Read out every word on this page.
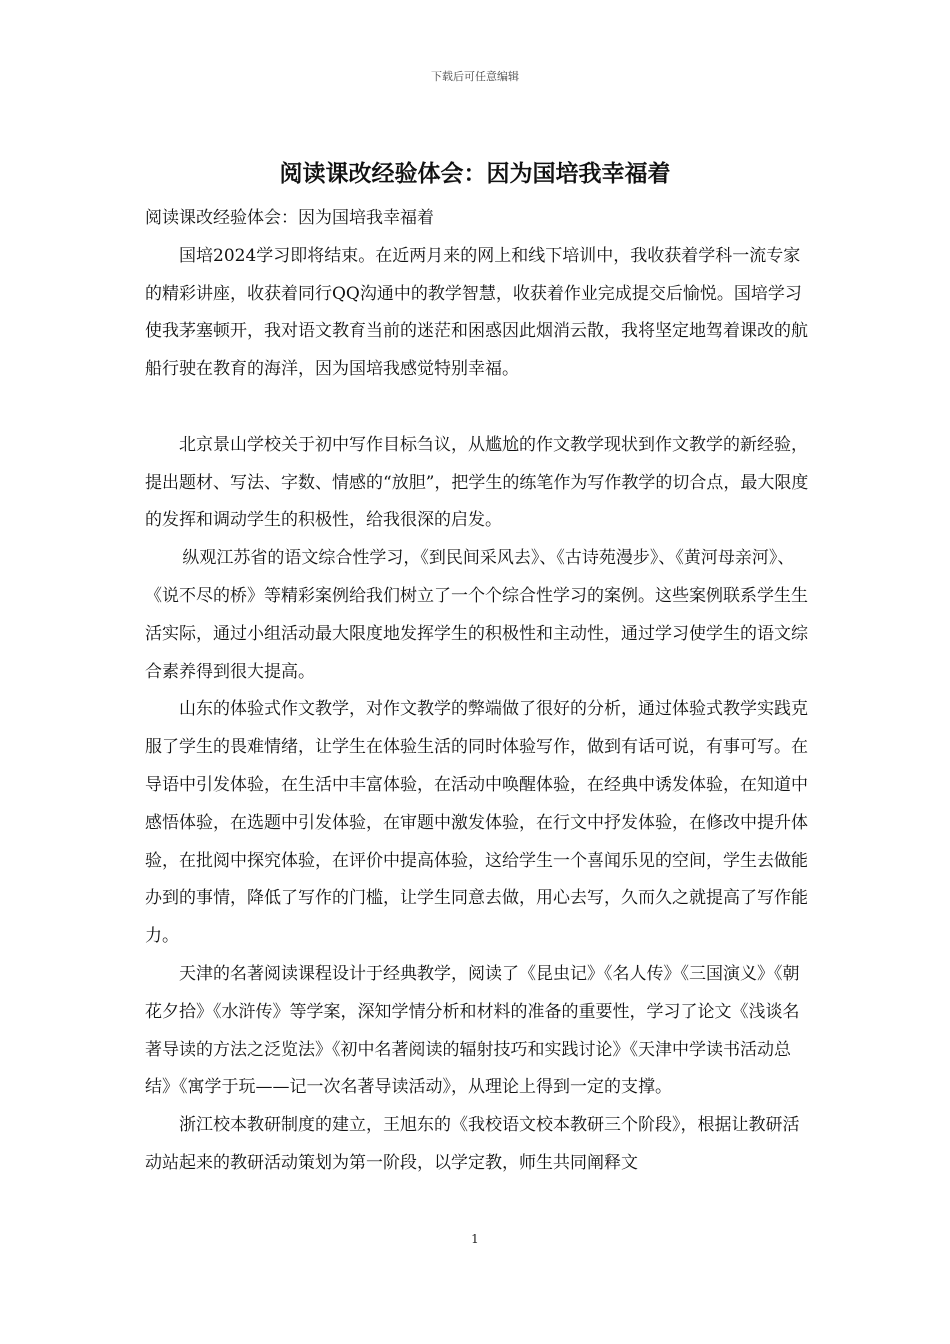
下载后可任意编辑
阅读课改经验体会：因为国培我幸福着

阅读课改经验体会：因为国培我幸福着

国培2024学习即将结束。在近两月来的网上和线下培训中，我收获着学科一流专家的精彩讲座，收获着同行QQ沟通中的教学智慧，收获着作业完成提交后愉悦。国培学习使我茅塞顿开，我对语文教育当前的迷茫和困惑因此烟消云散，我将坚定地驾着课改的航船行驶在教育的海洋，因为国培我感觉特别幸福。

北京景山学校关于初中写作目标刍议，从尴尬的作文教学现状到作文教学的新经验，提出题材、写法、字数、情感的“放胆”，把学生的练笔作为写作教学的切合点，最大限度的发挥和调动学生的积极性，给我很深的启发。

纵观江苏省的语文综合性学习，《到民间采风去》、《古诗苑漫步》、《黄河母亲河》、《说不尽的桥》等精彩案例给我们树立了一个个综合性学习的案例。这些案例联系学生生活实际，通过小组活动最大限度地发挥学生的积极性和主动性，通过学习使学生的语文综合素养得到很大提高。

山东的体验式作文教学，对作文教学的弊端做了很好的分析，通过体验式教学实践克服了学生的畏难情绪，让学生在体验生活的同时体验写作，做到有话可说，有事可写。在导语中引发体验，在生活中丰富体验，在活动中唤醒体验，在经典中诱发体验，在知道中感悟体验，在选题中引发体验，在审题中激发体验，在行文中抒发体验，在修改中提升体验，在批阅中探究体验，在评价中提高体验，这给学生一个喜闻乐见的空间，学生去做能办到的事情，降低了写作的门槛，让学生同意去做，用心去写，久而久之就提高了写作能力。

天津的名著阅读课程设计于经典教学，阅读了《昆虫记》《名人传》《三国演义》《朝花夕拾》《水浒传》等学案，深知学情分析和材料的准备的重要性，学习了论文《浅谈名著导读的方法之泛览法》《初中名著阅读的辐射技巧和实践讨论》《天津中学读书活动总结》《寓学于玩——记一次名著导读活动》，从理论上得到一定的支撑。

浙江校本教研制度的建立，王旭东的《我校语文校本教研三个阶段》，根据让教研活动站起来的教研活动策划为第一阶段，以学定教，师生共同阐释文

1
